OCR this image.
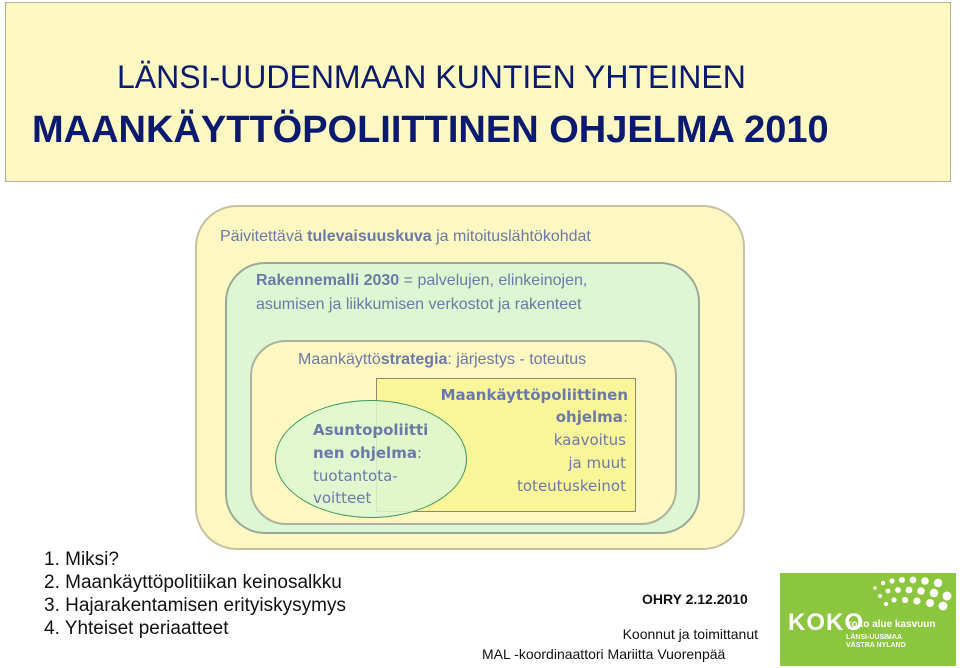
LÄNSI-UUDENMAAN KUNTIEN YHTEINEN
MAANKÄYTTÖPOLIITTINEN OHJELMA 2010
Päivitettävä tulevaisuuskuva ja mitoituslähtökohdat
Rakennemalli 2030 = palvelujen, elinkeinojen,
asumisen ja liikkumisen verkostot ja rakenteet
Maankäyttöstrategia: järjestys - toteutus
Maankäyttöpoliittinen
ohjelma:
kaavoitus
ja muut
toteutuskeinot
Asuntopoliitti
nen ohjelma:
tuotantota-
voitteet
1. Miksi?
2. Maankäyttöpolitiikan keinosalkku
3. Hajarakentamisen erityiskysymys
4. Yhteiset periaatteet
OHRY 2.12.2010
Koonnut ja toimittanut
MAL -koordinaattori Mariitta Vuorenpää
KOKO
koko alue kasvuun
LÄNSI-UUSIMAA
VÄSTRA NYLAND
